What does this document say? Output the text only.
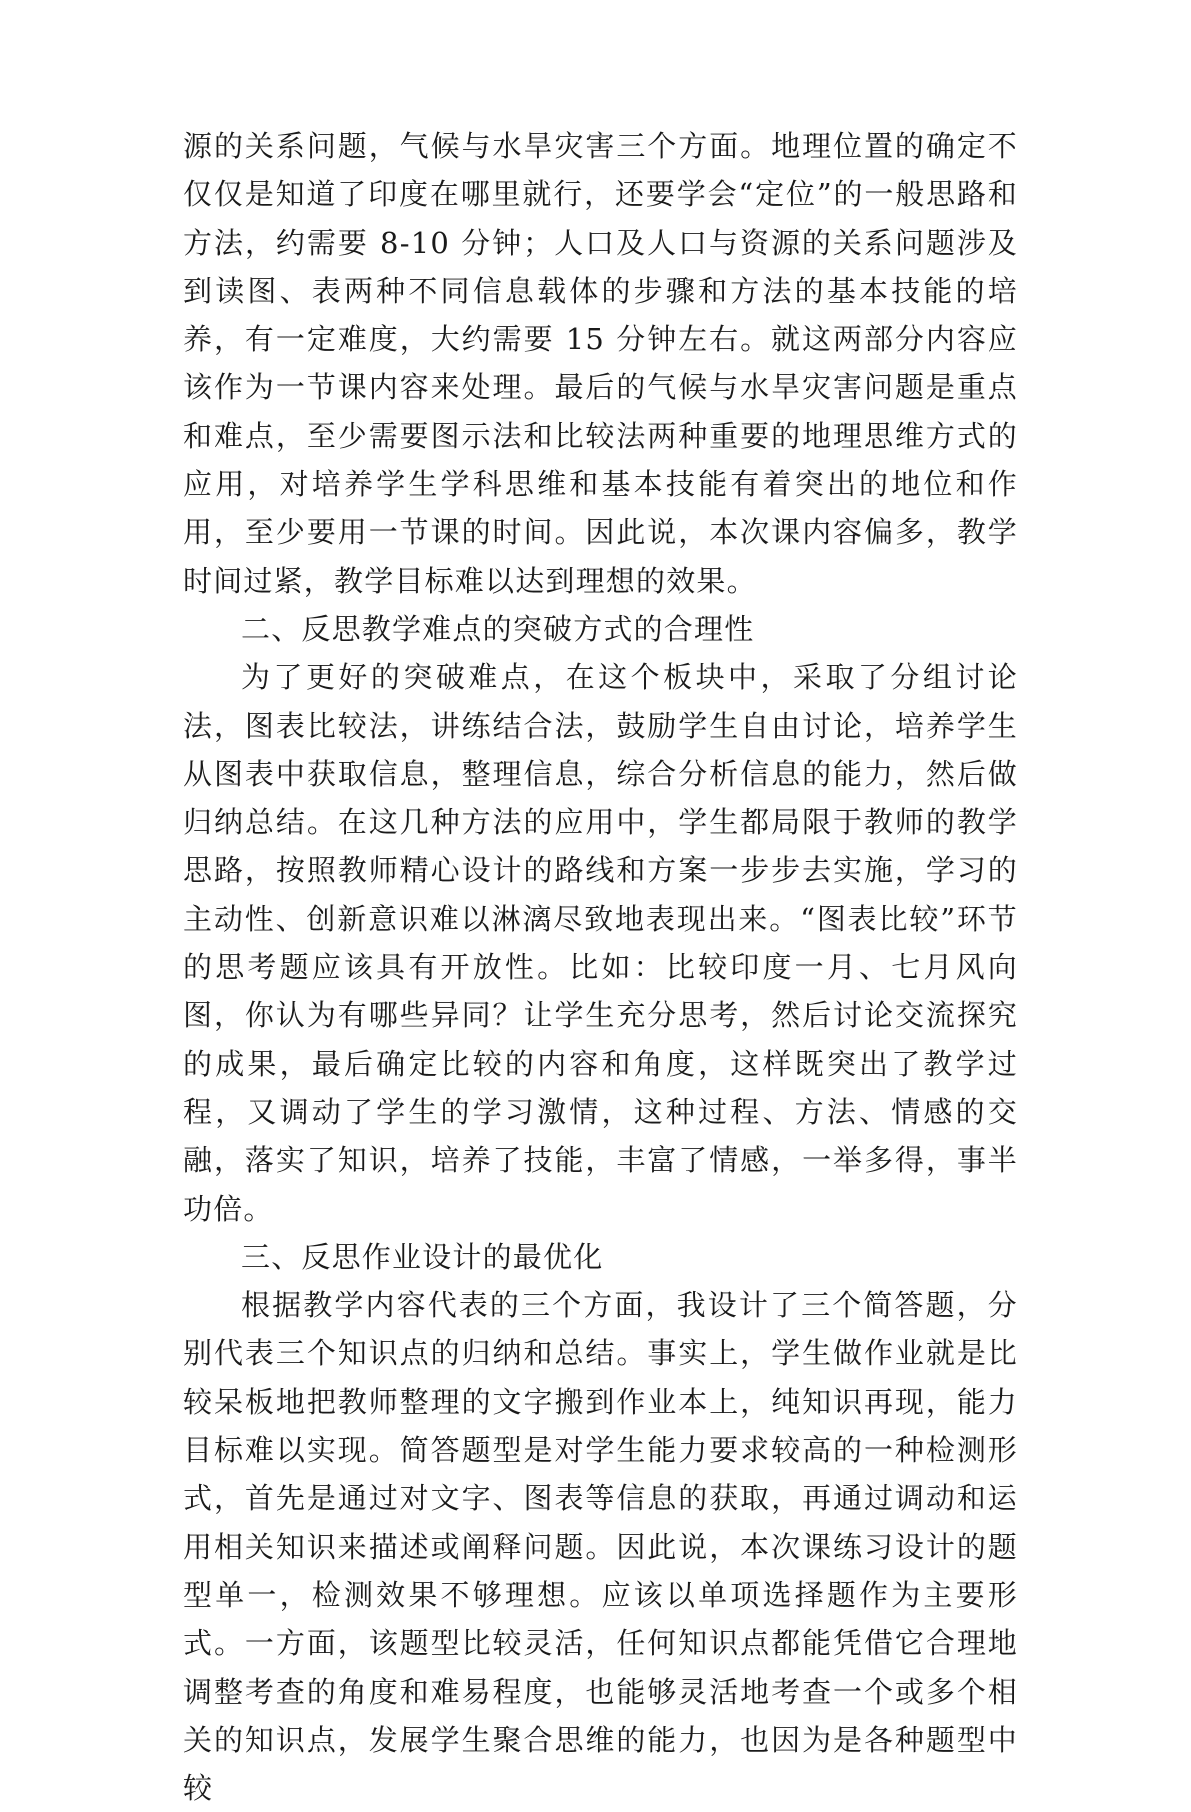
源的关系问题，气候与水旱灾害三个方面。地理位置的确定不仅仅是知道了印度在哪里就行，还要学会“定位”的一般思路和方法，约需要 8-10 分钟；人口及人口与资源的关系问题涉及到读图、表两种不同信息载体的步骤和方法的基本技能的培养，有一定难度，大约需要 15 分钟左右。就这两部分内容应该作为一节课内容来处理。最后的气候与水旱灾害问题是重点和难点，至少需要图示法和比较法两种重要的地理思维方式的应用，对培养学生学科思维和基本技能有着突出的地位和作用，至少要用一节课的时间。因此说，本次课内容偏多，教学时间过紧，教学目标难以达到理想的效果。

二、反思教学难点的突破方式的合理性

为了更好的突破难点，在这个板块中，采取了分组讨论法，图表比较法，讲练结合法，鼓励学生自由讨论，培养学生从图表中获取信息，整理信息，综合分析信息的能力，然后做归纳总结。在这几种方法的应用中，学生都局限于教师的教学思路，按照教师精心设计的路线和方案一步步去实施，学习的主动性、创新意识难以淋漓尽致地表现出来。“图表比较”环节的思考题应该具有开放性。比如：比较印度一月、七月风向图，你认为有哪些异同？让学生充分思考，然后讨论交流探究的成果，最后确定比较的内容和角度，这样既突出了教学过程，又调动了学生的学习激情，这种过程、方法、情感的交融，落实了知识，培养了技能，丰富了情感，一举多得，事半功倍。

三、反思作业设计的最优化

根据教学内容代表的三个方面，我设计了三个简答题，分别代表三个知识点的归纳和总结。事实上，学生做作业就是比较呆板地把教师整理的文字搬到作业本上，纯知识再现，能力目标难以实现。简答题型是对学生能力要求较高的一种检测形式，首先是通过对文字、图表等信息的获取，再通过调动和运用相关知识来描述或阐释问题。因此说，本次课练习设计的题型单一，检测效果不够理想。应该以单项选择题作为主要形式。一方面，该题型比较灵活，任何知识点都能凭借它合理地调整考查的角度和难易程度，也能够灵活地考查一个或多个相关的知识点，发展学生聚合思维的能力，也因为是各种题型中较
